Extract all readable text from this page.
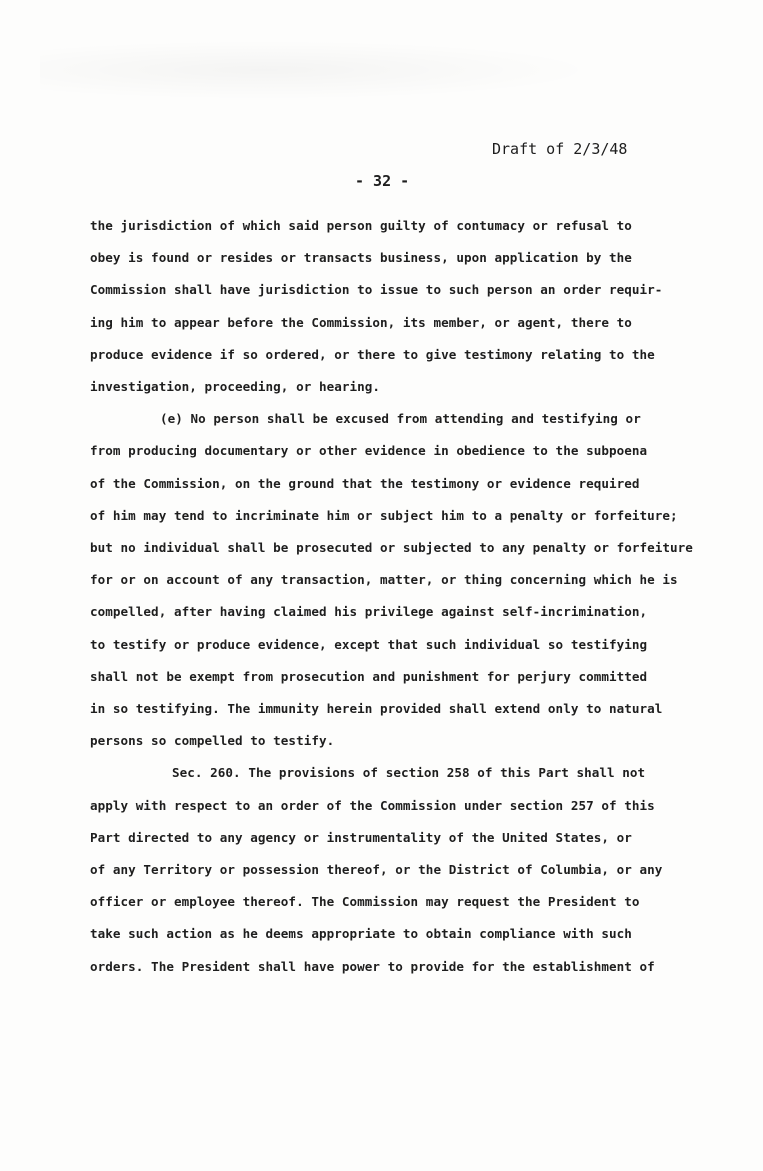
Draft of 2/3/48
- 32 -
the jurisdiction of which said person guilty of contumacy or refusal to
obey is found or resides or transacts business, upon application by the
Commission shall have jurisdiction to issue to such person an order requir-
ing him to appear before the Commission, its member, or agent, there to
produce evidence if so ordered, or there to give testimony relating to the
investigation, proceeding, or hearing.
(e) No person shall be excused from attending and testifying or
from producing documentary or other evidence in obedience to the subpoena
of the Commission, on the ground that the testimony or evidence required
of him may tend to incriminate him or subject him to a penalty or forfeiture;
but no individual shall be prosecuted or subjected to any penalty or forfeiture
for or on account of any transaction, matter, or thing concerning which he is
compelled, after having claimed his privilege against self-incrimination,
to testify or produce evidence, except that such individual so testifying
shall not be exempt from prosecution and punishment for perjury committed
in so testifying. The immunity herein provided shall extend only to natural
persons so compelled to testify.
Sec. 260. The provisions of section 258 of this Part shall not
apply with respect to an order of the Commission under section 257 of this
Part directed to any agency or instrumentality of the United States, or
of any Territory or possession thereof, or the District of Columbia, or any
officer or employee thereof. The Commission may request the President to
take such action as he deems appropriate to obtain compliance with such
orders. The President shall have power to provide for the establishment of
